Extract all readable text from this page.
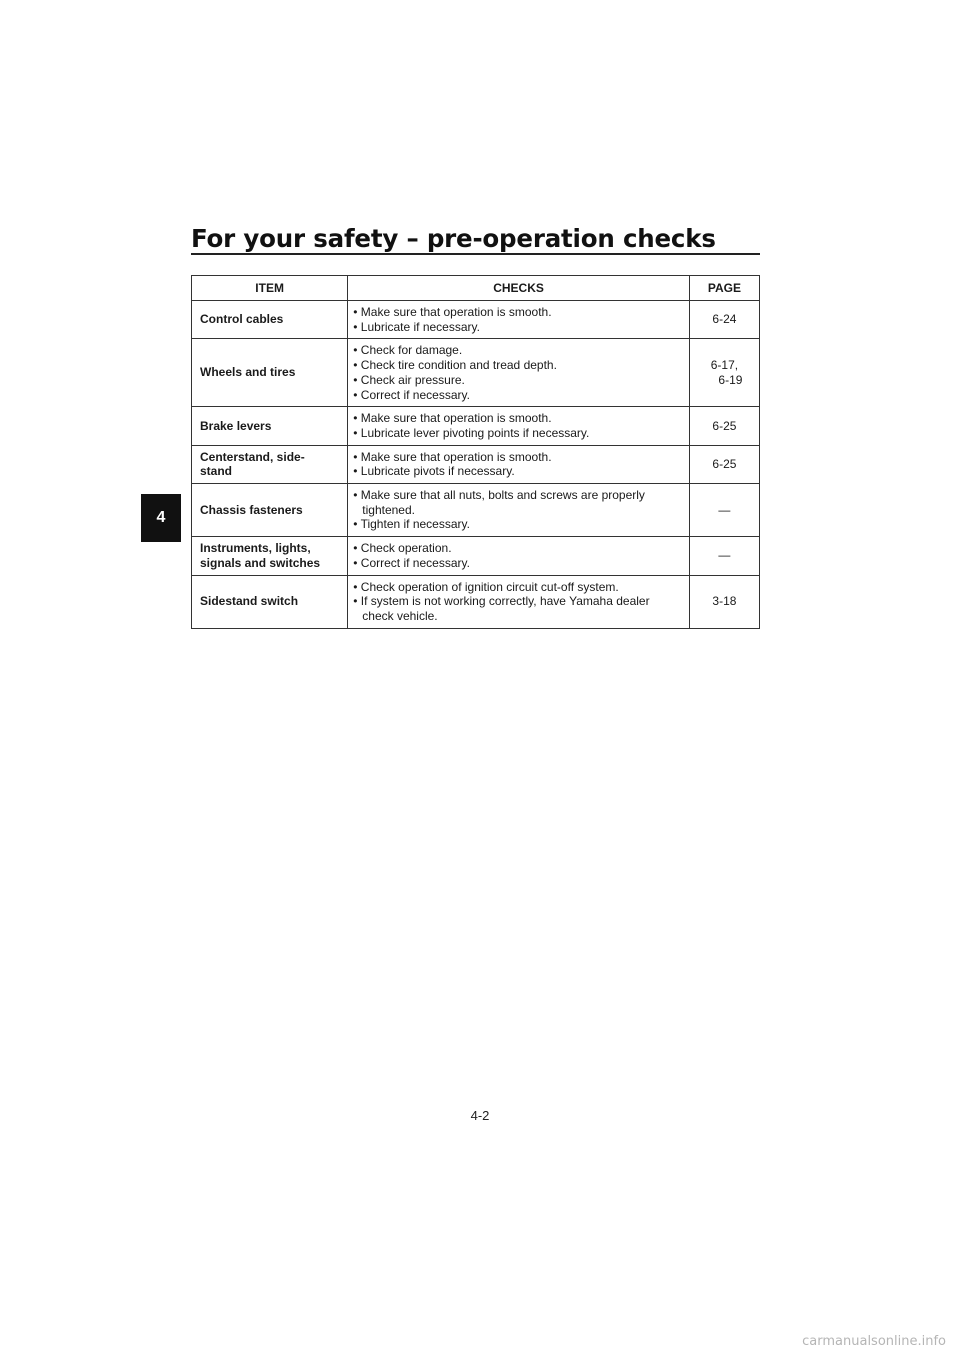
For your safety – pre-operation checks
4
ITEM	CHECKS	PAGE

Control cables	• Make sure that operation is smooth.
• Lubricate if necessary.	6-24

Wheels and tires	• Check for damage.
• Check tire condition and tread depth.
• Check air pressure.
• Correct if necessary.	6-17,
6-19

Brake levers	• Make sure that operation is smooth.
• Lubricate lever pivoting points if necessary.	6-25

Centerstand, side-
stand	• Make sure that operation is smooth.
• Lubricate pivots if necessary.	6-25

Chassis fasteners	• Make sure that all nuts, bolts and screws are properly tightened.
• Tighten if necessary.	—

Instruments, lights,
signals and switches	• Check operation.
• Correct if necessary.	—

Sidestand switch	• Check operation of ignition circuit cut-off system.
• If system is not working correctly, have Yamaha dealer check vehicle.	3-18
4-2
carmanualsonline.info
